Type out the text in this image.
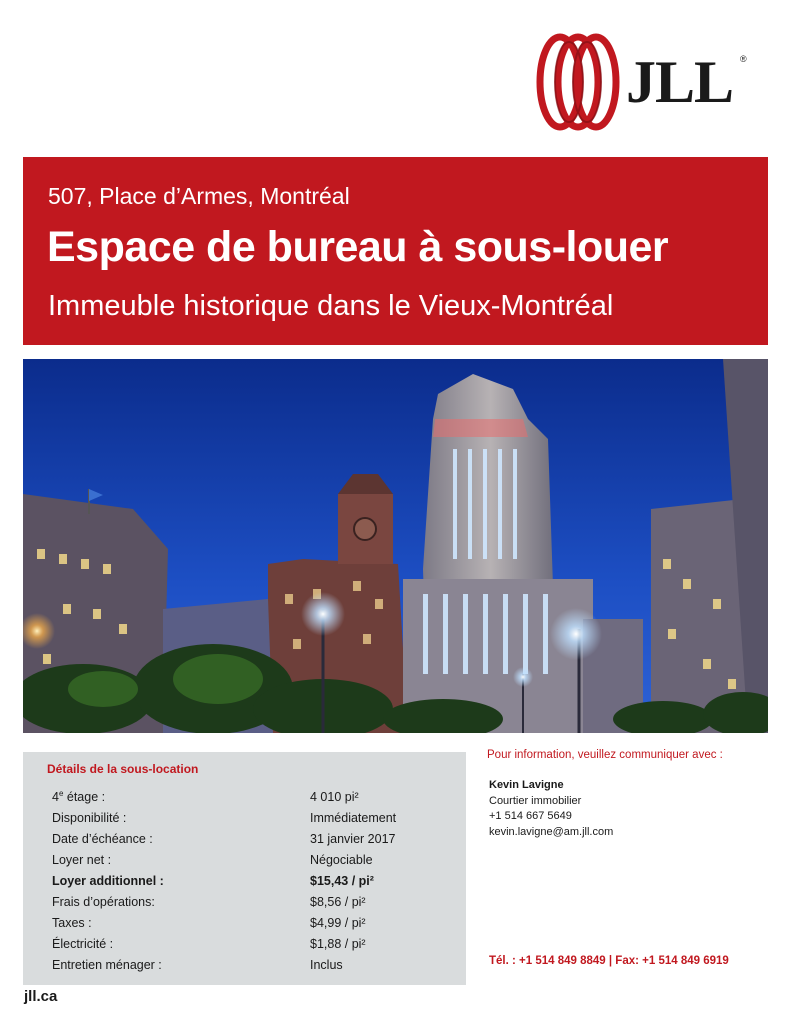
JLL ®
507, Place d’Armes, Montréal
Espace de bureau à sous-louer
Immeuble historique dans le Vieux-Montréal
Détails de la sous-location
4e étage :	4 010 pi²
Disponibilité :	Immédiatement
Date d’échéance :	31 janvier 2017
Loyer net :	Négociable
Loyer additionnel :	$15,43 / pi²
Frais d’opérations:	$8,56 / pi²
Taxes :	$4,99 / pi²
Électricité :	$1,88 / pi²
Entretien ménager :	Inclus
Pour information, veuillez communiquer avec :
Kevin Lavigne
Courtier immobilier
+1 514 667 5649
kevin.lavigne@am.jll.com
Tél. : +1 514 849 8849 | Fax: +1 514 849 6919
jll.ca
